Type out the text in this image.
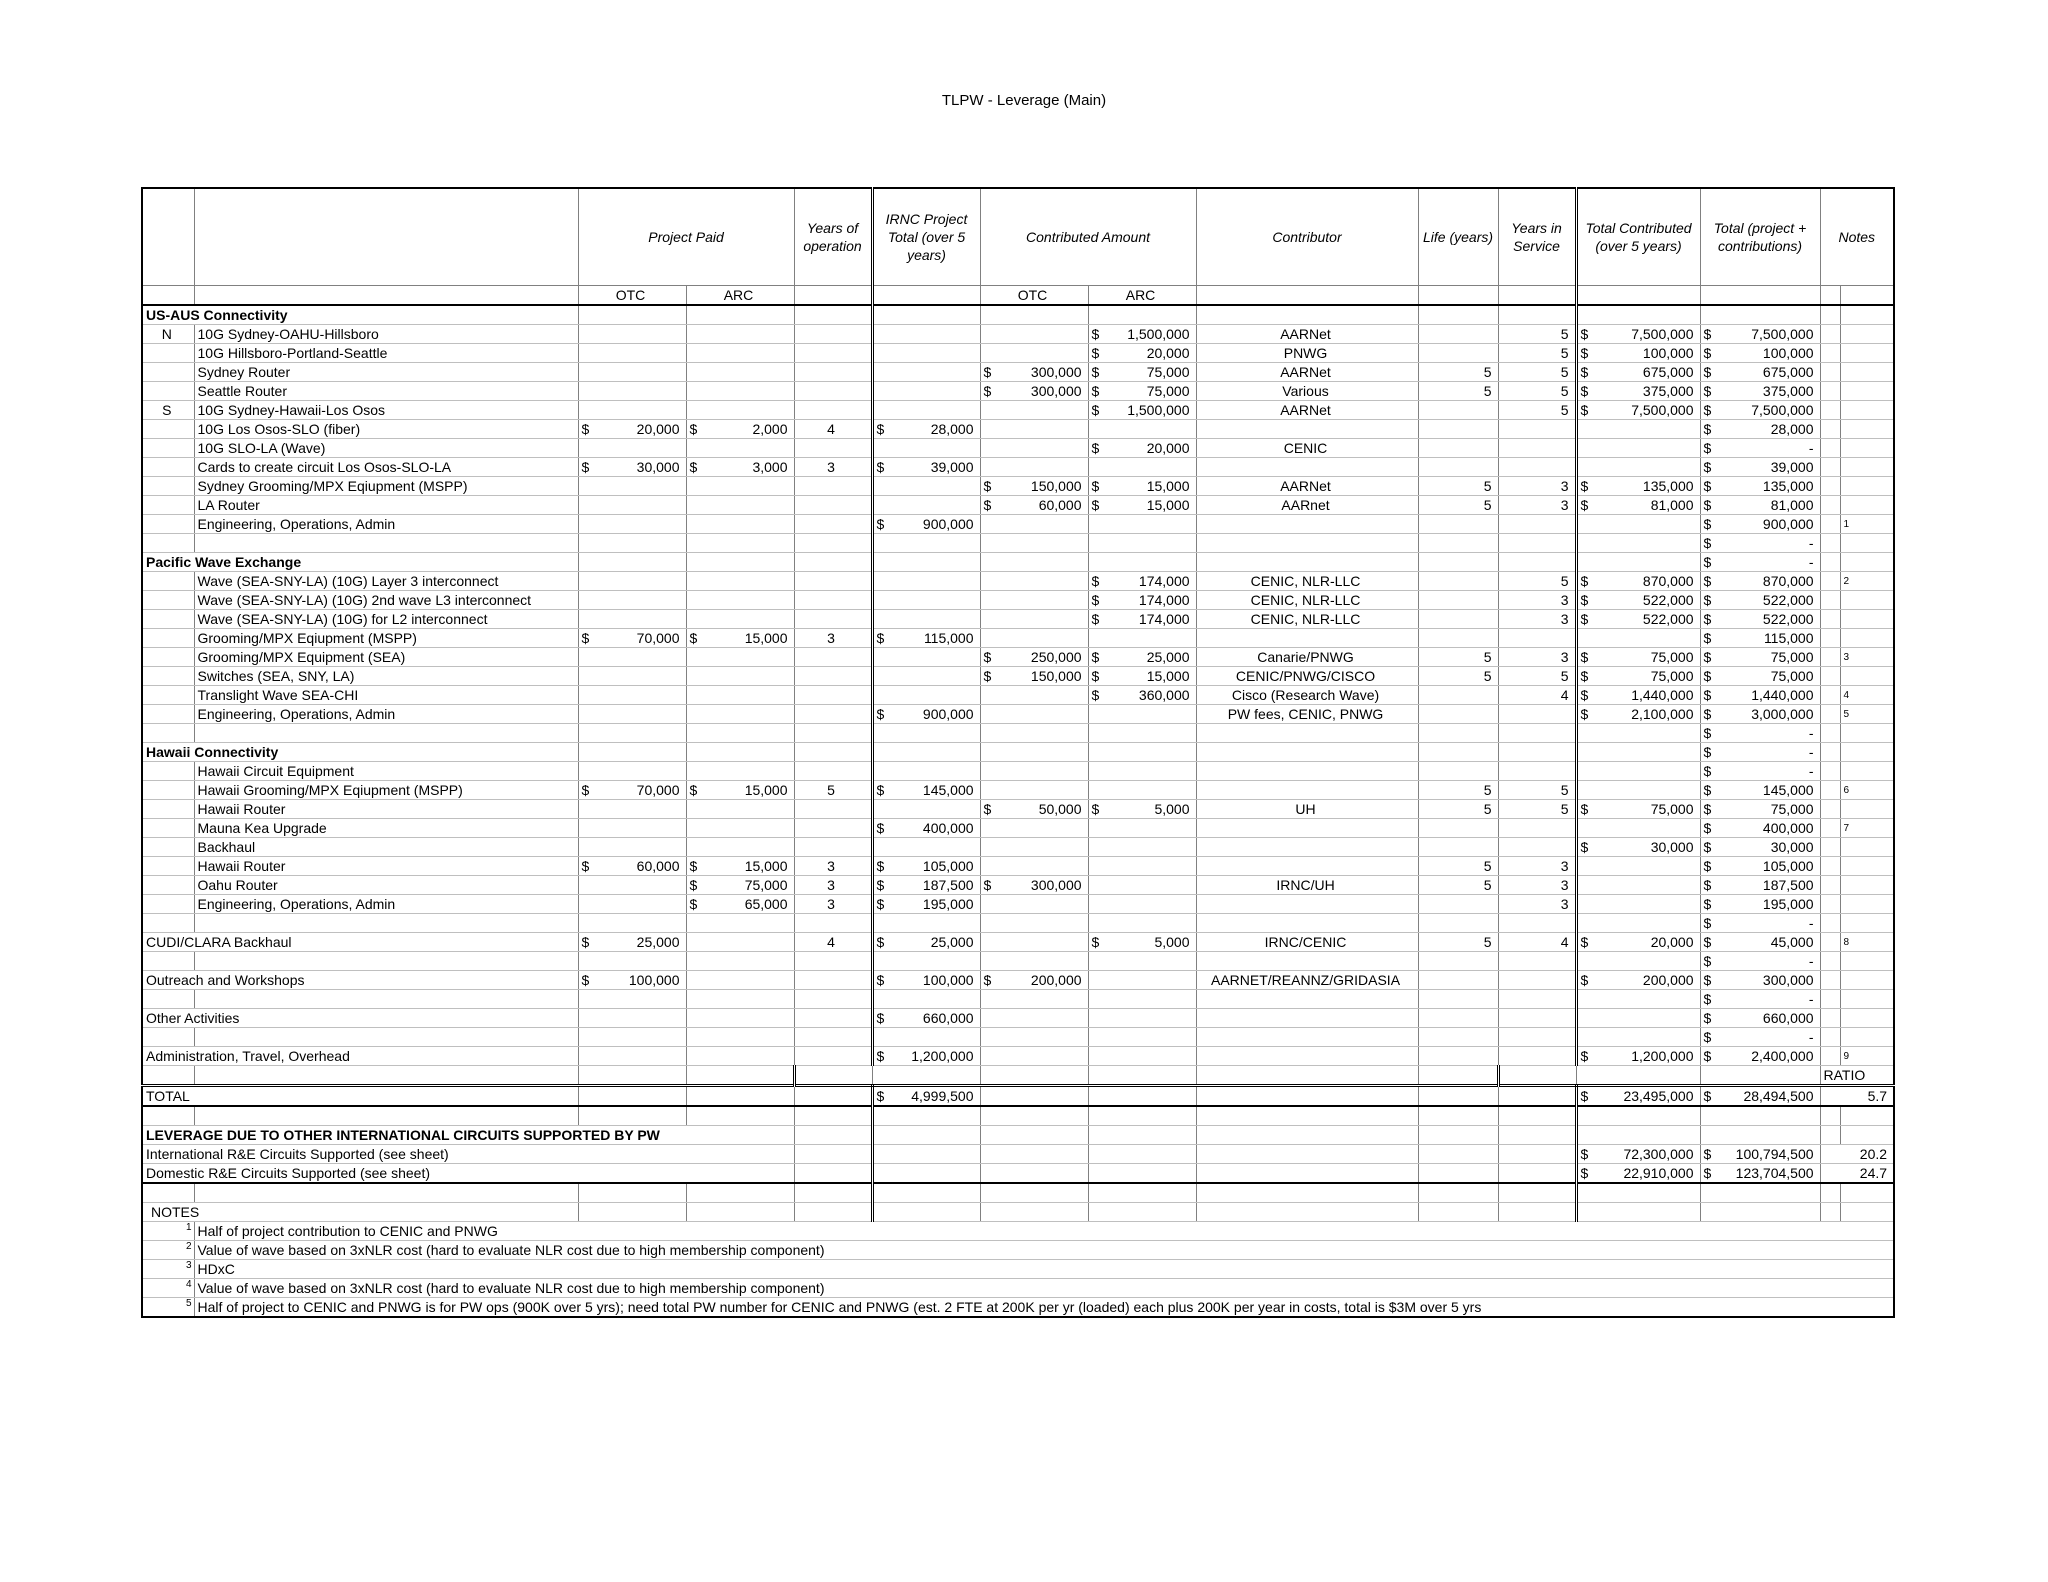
TLPW - Leverage (Main)
		Project Paid		Years of operation	IRNC Project Total (over 5 years)	Contributed Amount		Contributor	Life (years)	Years in Service	Total Contributed (over 5 years)	Total (project + contributions)	Notes	
		OTC	ARC			OTC	ARC							
US-AUS Connectivity														
N	10G Sydney-OAHU-Hillsboro						$ 1,500,000	AARNet		5	$ 7,500,000	$ 7,500,000		

	10G Hillsboro-Portland-Seattle						$ 20,000	PNWG		5	$ 100,000	$ 100,000		

	Sydney Router					$ 300,000	$ 75,000	AARNet	5	5	$ 675,000	$ 675,000		

	Seattle Router					$ 300,000	$ 75,000	Various	5	5	$ 375,000	$ 375,000		

S	10G Sydney-Hawaii-Los Osos						$ 1,500,000	AARNet		5	$ 7,500,000	$ 7,500,000		

	10G Los Osos-SLO (fiber)	$ 20,000	$ 2,000	4	$ 28,000							$ 28,000		

	10G SLO-LA (Wave)						$ 20,000	CENIC				$ -		

	Cards to create circuit Los Osos-SLO-LA	$ 30,000	$ 3,000	3	$ 39,000							$ 39,000		

	Sydney Grooming/MPX Eqiupment (MSPP)					$ 150,000	$ 15,000	AARNet	5	3	$ 135,000	$ 135,000		

	LA Router					$ 60,000	$ 15,000	AARnet	5	3	$ 81,000	$ 81,000		

	Engineering, Operations, Admin				$ 900,000							$ 900,000		1

												$ -		

Pacific Wave Exchange												$ -		

	Wave (SEA-SNY-LA) (10G) Layer 3 interconnect						$ 174,000	CENIC, NLR-LLC		5	$ 870,000	$ 870,000		2
	Wave (SEA-SNY-LA) (10G) 2nd wave L3 interconnect						$ 174,000	CENIC, NLR-LLC		3	$ 522,000	$ 522,000		

	Wave (SEA-SNY-LA) (10G) for L2 interconnect						$ 174,000	CENIC, NLR-LLC		3	$ 522,000	$ 522,000		

	Grooming/MPX Eqiupment (MSPP)	$ 70,000	$ 15,000	3	$ 115,000							$ 115,000		

	Grooming/MPX Equipment (SEA)					$ 250,000	$ 25,000	Canarie/PNWG	5	3	$ 75,000	$ 75,000		3
	Switches (SEA, SNY, LA)					$ 150,000	$ 15,000	CENIC/PNWG/CISCO	5	5	$ 75,000	$ 75,000		

	Translight Wave SEA-CHI						$ 360,000	Cisco (Research Wave)		4	$ 1,440,000	$ 1,440,000		4
	Engineering, Operations, Admin				$ 900,000			PW fees, CENIC, PNWG			$ 2,100,000	$ 3,000,000		5

												$ -		

Hawaii Connectivity												$ -		

	Hawaii Circuit Equipment											$ -		

	Hawaii Grooming/MPX Eqiupment (MSPP)	$ 70,000	$ 15,000	5	$ 145,000				5	5		$ 145,000		6
	Hawaii Router					$ 50,000	$ 5,000	UH	5	5	$ 75,000	$ 75,000		

	Mauna Kea Upgrade				$ 400,000							$ 400,000		7
	Backhaul										$ 30,000	$ 30,000		

	Hawaii Router	$ 60,000	$ 15,000	3	$ 105,000				5	3		$ 105,000		

	Oahu Router		$ 75,000	3	$ 187,500	$ 300,000		IRNC/UH	5	3		$ 187,500		

	Engineering, Operations, Admin		$ 65,000	3	$ 195,000					3		$ 195,000		

												$ -		

CUDI/CLARA Backhaul		$ 25,000		4	$ 25,000		$ 5,000	IRNC/CENIC	5	4	$ 20,000	$ 45,000		8

												$ -		

Outreach and Workshops		$ 100,000			$ 100,000	$ 200,000		AARNET/REANNZ/GRIDASIA			$ 200,000	$ 300,000		

												$ -		

Other Activities					$ 660,000							$ 660,000		

												$ -		

Administration, Travel, Overhead					$ 1,200,000						$ 1,200,000	$ 2,400,000		9
													RATIO	
TOTAL					$ 4,999,500						$ 23,495,000	$ 28,494,500	5.7	

LEVERAGE DUE TO OTHER INTERNATIONAL CIRCUITS SUPPORTED BY PW														
International R&E Circuits Supported (see sheet)											$ 72,300,000	$ 100,794,500	20.2	
Domestic R&E Circuits Supported (see sheet)											$ 22,910,000	$ 123,704,500	24.7	

NOTES														
$^1$	Half of project contribution to CENIC and PNWG													
$^2$	Value of wave based on 3xNLR cost (hard to evaluate NLR cost due to high membership component)													
$^3$	HDxC													
$^4$	Value of wave based on 3xNLR cost (hard to evaluate NLR cost due to high membership component)													
$^5$	Half of project to CENIC and PNWG is for PW ops (900K over 5 yrs); need total PW number for CENIC and PNWG (est. 2 FTE at 200K per yr (loaded) each plus 200K per year in costs, total is $3M over 5 yrs													
